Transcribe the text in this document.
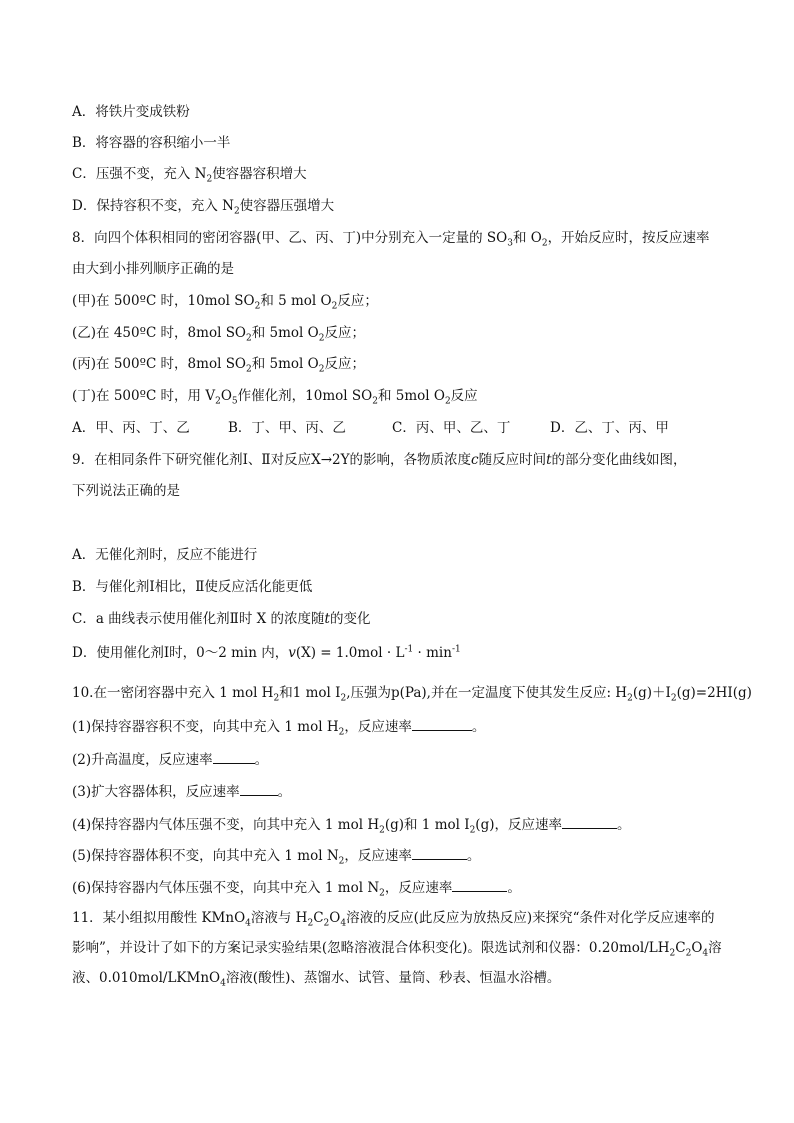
A．将铁片变成铁粉
B．将容器的容积缩小一半
C．压强不变，充入 $N_2$使容器容积增大
D．保持容积不变，充入 $N_2$使容器压强增大
8．向四个体积相同的密闭容器(甲、乙、丙、丁)中分别充入一定量的 $SO_3$和 $O_2$，开始反应时，按反应速率
由大到小排列顺序正确的是
(甲)在 500ºC 时，10mol $SO_2$和 5 mol $O_2$反应；
(乙)在 450ºC 时，8mol $SO_2$和 5mol $O_2$反应；
(丙)在 500ºC 时，8mol $SO_2$和 5mol $O_2$反应；
(丁)在 500ºC 时，用 $V_2O_5$作催化剂，10mol $SO_2$和 5mol $O_2$反应
A．甲、丙、丁、乙	B．丁、甲、丙、乙	C．丙、甲、乙、丁	D．乙、丁、丙、甲
9．在相同条件下研究催化剂Ⅰ、Ⅱ对反应X→2Y的影响，各物质浓度c随反应时间t的部分变化曲线如图，
下列说法正确的是
A．无催化剂时，反应不能进行
B．与催化剂Ⅰ相比，Ⅱ使反应活化能更低
C．a 曲线表示使用催化剂Ⅱ时 X 的浓度随t的变化
D．使用催化剂Ⅰ时，0～2 min 内，$v(X) = 1.0mol \cdot L^{-1} \cdot \min^{-1}$
10.在一密闭容器中充入 1 mol $H_2$和1 mol $I_2$,压强为p(Pa),并在一定温度下使其发生反应: $H_2(g)+I_2(g)=2HI(g)$
(1)保持容器容积不变，向其中充入 1 mol $H_2$，反应速率	。
(2)升高温度，反应速率	。
(3)扩大容器体积，反应速率	。
(4)保持容器内气体压强不变，向其中充入 1 mol $H_2(g)$和 1 mol $I_2(g)$，反应速率	。
(5)保持容器体积不变，向其中充入 1 mol $N_2$，反应速率	。
(6)保持容器内气体压强不变，向其中充入 1 mol $N_2$，反应速率	。
11．某小组拟用酸性 KMnO$_4$溶液与 $H_2C_2O_4$溶液的反应(此反应为放热反应)来探究“条件对化学反应速率的
影响”，并设计了如下的方案记录实验结果(忽略溶液混合体积变化)。限选试剂和仪器：$0.20mol/LH_2C_2O_4$溶
液、0.010mol/LKMnO$_4$溶液(酸性)、蒸馏水、试管、量筒、秒表、恒温水浴槽。
